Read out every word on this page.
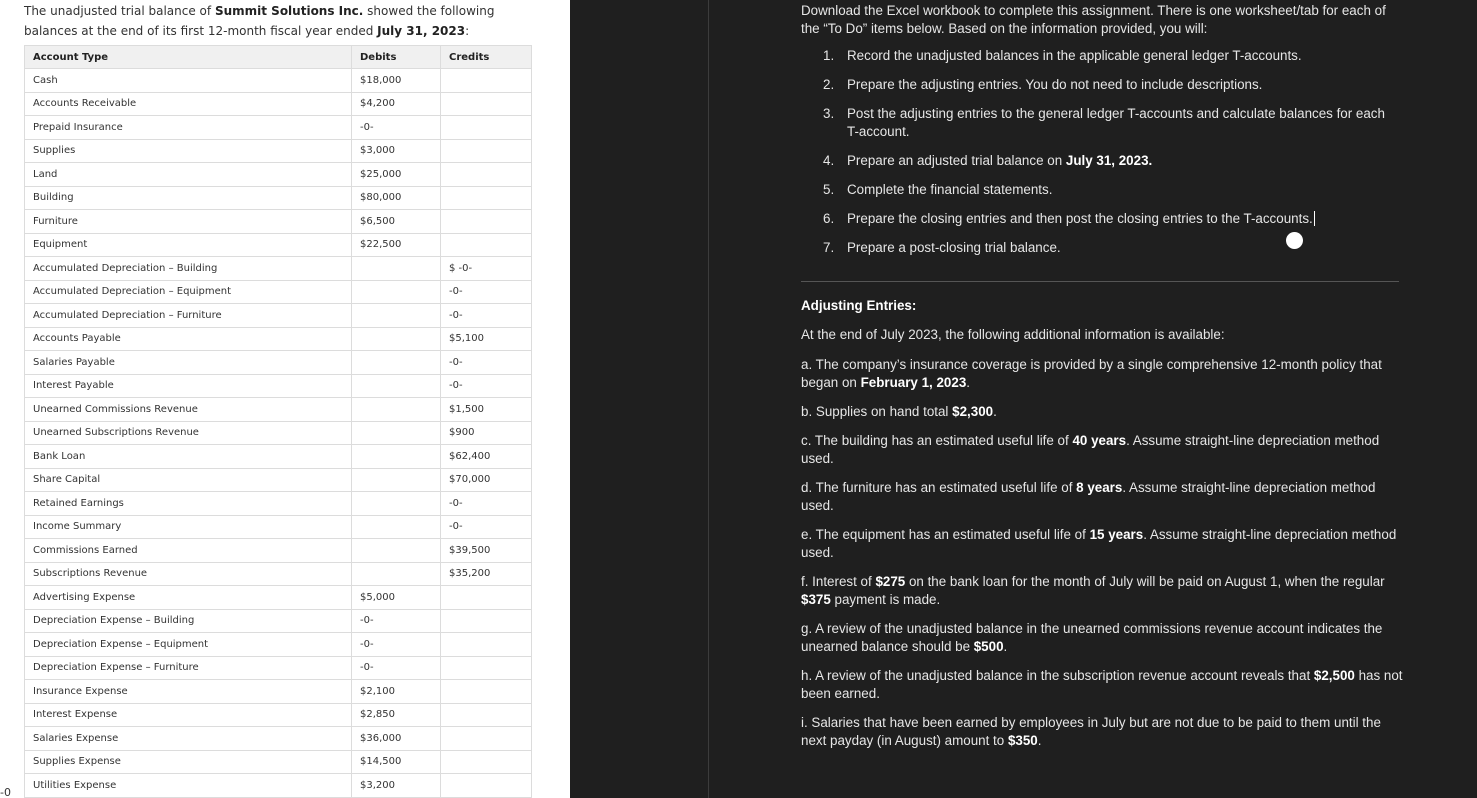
The unadjusted trial balance of Summit Solutions Inc. showed the following balances at the end of its first 12-month fiscal year ended July 31, 2023:
Account Type	Debits	Credits
Cash	$18,000	
Accounts Receivable	$4,200	
Prepaid Insurance	-0-	
Supplies	$3,000	
Land	$25,000	
Building	$80,000	
Furniture	$6,500	
Equipment	$22,500	
Accumulated Depreciation – Building		$ -0-
Accumulated Depreciation – Equipment		-0-
Accumulated Depreciation – Furniture		-0-
Accounts Payable		$5,100
Salaries Payable		-0-
Interest Payable		-0-
Unearned Commissions Revenue		$1,500
Unearned Subscriptions Revenue		$900
Bank Loan		$62,400
Share Capital		$70,000
Retained Earnings		-0-
Income Summary		-0-
Commissions Earned		$39,500
Subscriptions Revenue		$35,200
Advertising Expense	$5,000	
Depreciation Expense – Building	-0-	
Depreciation Expense – Equipment	-0-	
Depreciation Expense – Furniture	-0-	
Insurance Expense	$2,100	
Interest Expense	$2,850	
Salaries Expense	$36,000	
Supplies Expense	$14,500	
Utilities Expense	$3,200	
-0
Download the Excel workbook to complete this assignment. There is one worksheet/tab for each of the “To Do” items below. Based on the information provided, you will:
1. Record the unadjusted balances in the applicable general ledger T-accounts.
2. Prepare the adjusting entries. You do not need to include descriptions.
3. Post the adjusting entries to the general ledger T-accounts and calculate balances for each T-account.
4. Prepare an adjusted trial balance on July 31, 2023.
5. Complete the financial statements.
6. Prepare the closing entries and then post the closing entries to the T-accounts.
7. Prepare a post-closing trial balance.
Adjusting Entries:
At the end of July 2023, the following additional information is available:

a. The company’s insurance coverage is provided by a single comprehensive 12-month policy that began on February 1, 2023.

b. Supplies on hand total $2,300.

c. The building has an estimated useful life of 40 years. Assume straight-line depreciation method used.

d. The furniture has an estimated useful life of 8 years. Assume straight-line depreciation method used.

e. The equipment has an estimated useful life of 15 years. Assume straight-line depreciation method used.

f. Interest of $275 on the bank loan for the month of July will be paid on August 1, when the regular $375 payment is made.

g. A review of the unadjusted balance in the unearned commissions revenue account indicates the unearned balance should be $500.

h. A review of the unadjusted balance in the subscription revenue account reveals that $2,500 has not been earned.

i. Salaries that have been earned by employees in July but are not due to be paid to them until the next payday (in August) amount to $350.
